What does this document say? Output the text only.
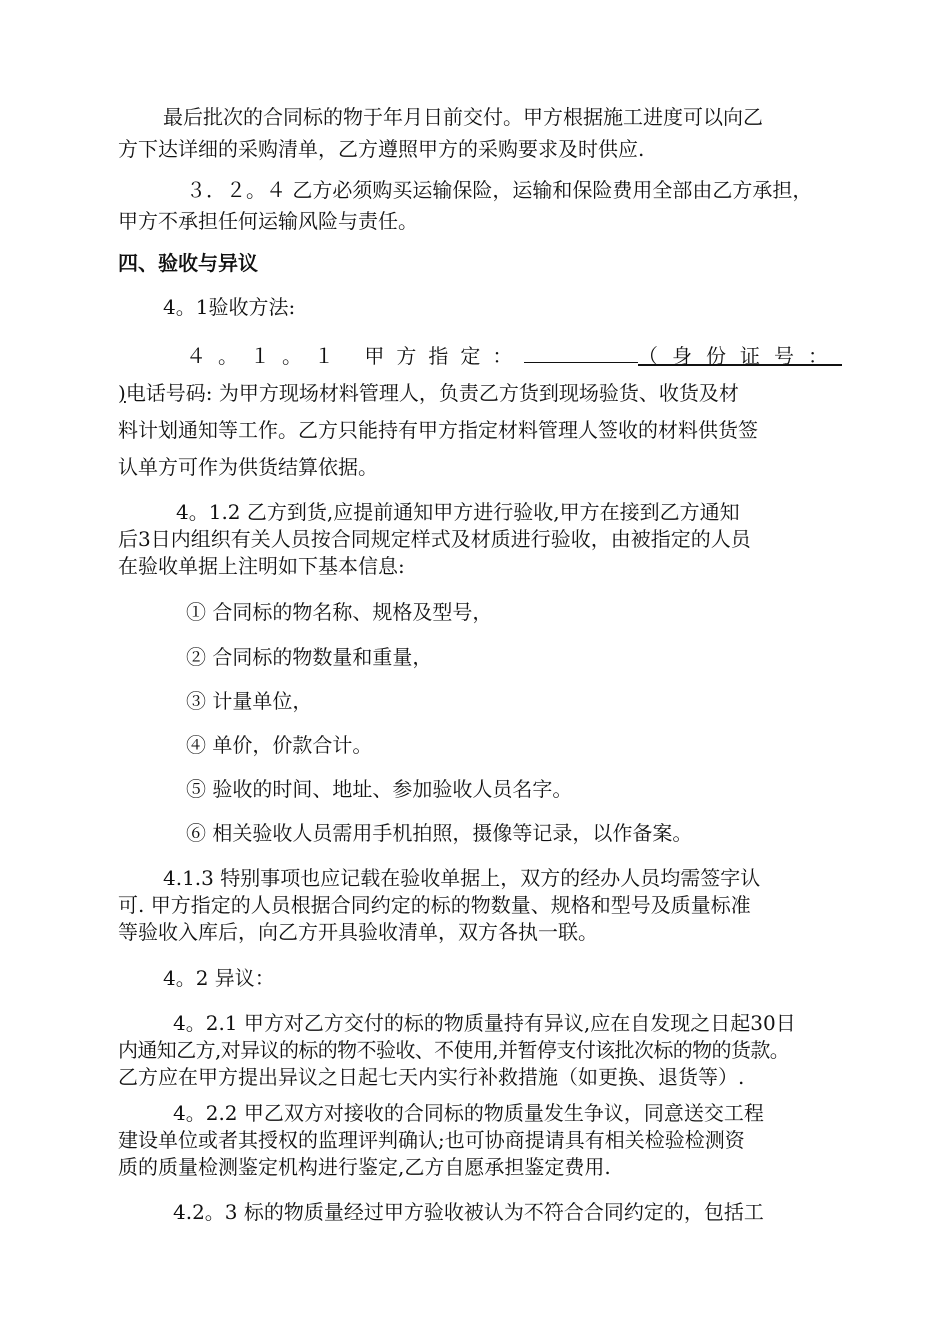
最后批次的合同标的物于年月日前交付。甲方根据施工进度可以向乙
方下达详细的采购清单，乙方遵照甲方的采购要求及时供应.
３．２。４ 乙方必须购买运输保险，运输和保险费用全部由乙方承担，
甲方不承担任何运输风险与责任。
四、验收与异议
4。1验收方法:
４。１。１ 甲方指定：	（身份证号：
)电话号码: 为甲方现场材料管理人，负责乙方货到现场验货、收货及材
料计划通知等工作。乙方只能持有甲方指定材料管理人签收的材料供货签
认单方可作为供货结算依据。
4。1.2 乙方到货,应提前通知甲方进行验收,甲方在接到乙方通知
后3日内组织有关人员按合同规定样式及材质进行验收，由被指定的人员
在验收单据上注明如下基本信息:
① 合同标的物名称、规格及型号，
② 合同标的物数量和重量，
③ 计量单位，
④ 单价，价款合计。
⑤ 验收的时间、地址、参加验收人员名字。
⑥ 相关验收人员需用手机拍照，摄像等记录，以作备案。
4.1.3 特别事项也应记载在验收单据上，双方的经办人员均需签字认
可. 甲方指定的人员根据合同约定的标的物数量、规格和型号及质量标准
等验收入库后，向乙方开具验收清单，双方各执一联。
4。2 异议：
4。2.1 甲方对乙方交付的标的物质量持有异议,应在自发现之日起30日
内通知乙方,对异议的标的物不验收、不使用,并暂停支付该批次标的物的货款。
乙方应在甲方提出异议之日起七天内实行补救措施（如更换、退货等）.
4。2.2 甲乙双方对接收的合同标的物质量发生争议，同意送交工程
建设单位或者其授权的监理评判确认;也可协商提请具有相关检验检测资
质的质量检测鉴定机构进行鉴定,乙方自愿承担鉴定费用.
4.2。3 标的物质量经过甲方验收被认为不符合合同约定的，包括工
